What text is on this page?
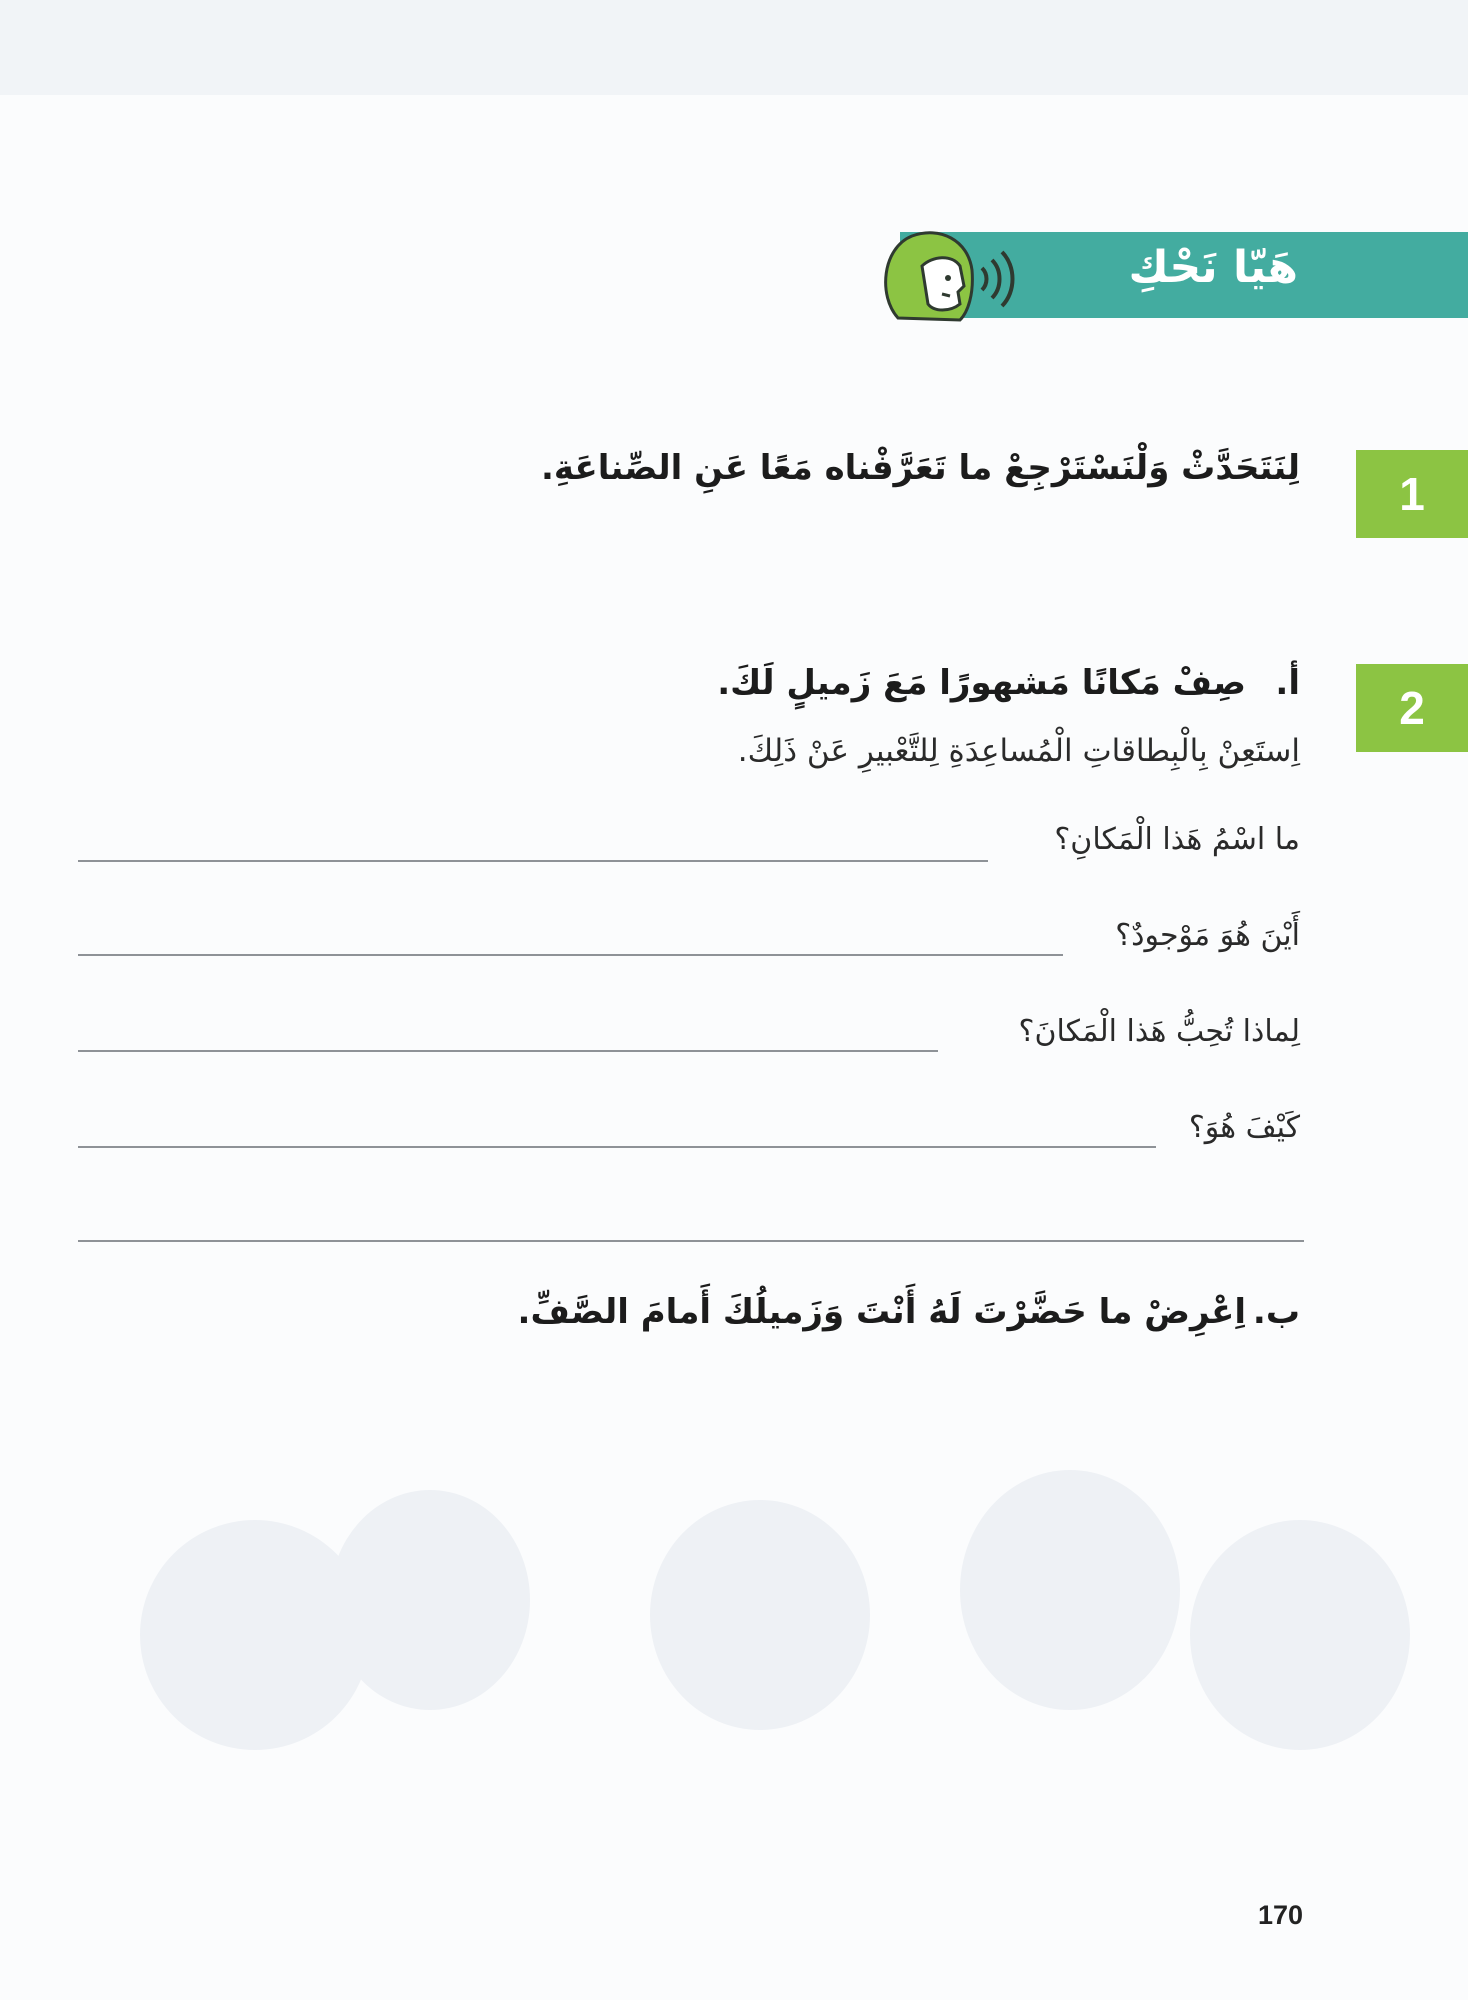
هَيّا نَحْكِ
1
لِنَتَحَدَّثْ وَلْنَسْتَرْجِعْ ما تَعَرَّفْناه مَعًا عَنِ الصِّناعَةِ.
2
أ.
صِفْ مَكانًا مَشهورًا مَعَ زَميلٍ لَكَ.
اِستَعِنْ بِالْبِطاقاتِ الْمُساعِدَةِ لِلتَّعْبيرِ عَنْ ذَلِكَ.
ما اسْمُ هَذا الْمَكانِ؟
أَيْنَ هُوَ مَوْجودٌ؟
لِماذا تُحِبُّ هَذا الْمَكانَ؟
كَيْفَ هُوَ؟
ب.
اِعْرِضْ ما حَضَّرْتَ لَهُ أَنْتَ وَزَميلُكَ أَمامَ الصَّفِّ.
170
